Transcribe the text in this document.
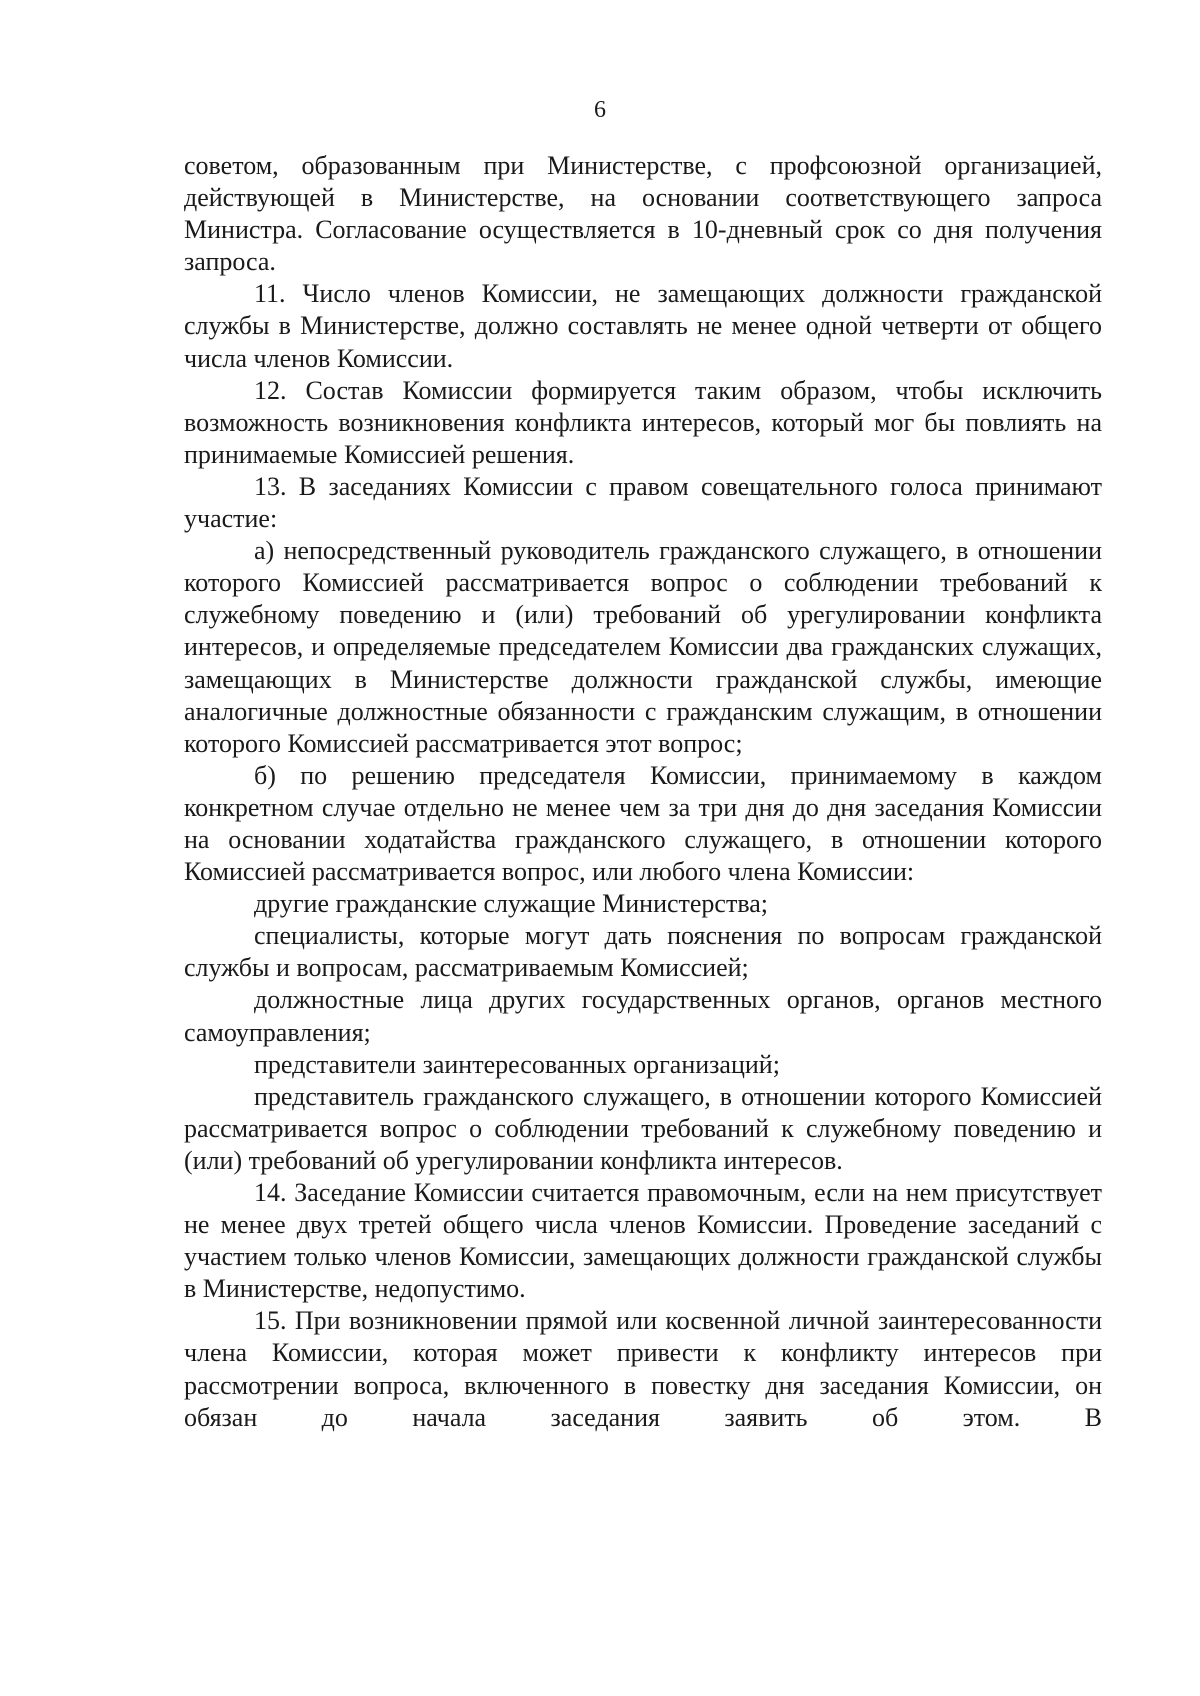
6

советом, образованным при Министерстве, с профсоюзной организацией, действующей в Министерстве, на основании соответствующего запроса Министра. Согласование осуществляется в 10-дневный срок со дня получения запроса.

11. Число членов Комиссии, не замещающих должности гражданской службы в Министерстве, должно составлять не менее одной четверти от общего числа членов Комиссии.

12. Состав Комиссии формируется таким образом, чтобы исключить возможность возникновения конфликта интересов, который мог бы повлиять на принимаемые Комиссией решения.

13. В заседаниях Комиссии с правом совещательного голоса принимают участие:

а) непосредственный руководитель гражданского служащего, в отношении которого Комиссией рассматривается вопрос о соблюдении требований к служебному поведению и (или) требований об урегулировании конфликта интересов, и определяемые председателем Комиссии два гражданских служащих, замещающих в Министерстве должности гражданской службы, имеющие аналогичные должностные обязанности с гражданским служащим, в отношении которого Комиссией рассматривается этот вопрос;

б) по решению председателя Комиссии, принимаемому в каждом конкретном случае отдельно не менее чем за три дня до дня заседания Комиссии на основании ходатайства гражданского служащего, в отношении которого Комиссией рассматривается вопрос, или любого члена Комиссии:

другие гражданские служащие Министерства;

специалисты, которые могут дать пояснения по вопросам гражданской службы и вопросам, рассматриваемым Комиссией;

должностные лица других государственных органов, органов местного самоуправления;

представители заинтересованных организаций;

представитель гражданского служащего, в отношении которого Комиссией рассматривается вопрос о соблюдении требований к служебному поведению и (или) требований об урегулировании конфликта интересов.

14. Заседание Комиссии считается правомочным, если на нем присутствует не менее двух третей общего числа членов Комиссии. Проведение заседаний с участием только членов Комиссии, замещающих должности гражданской службы в Министерстве, недопустимо.

15. При возникновении прямой или косвенной личной заинтересованности члена Комиссии, которая может привести к конфликту интересов при рассмотрении вопроса, включенного в повестку дня заседания Комиссии, он обязан до начала заседания заявить об этом. В
